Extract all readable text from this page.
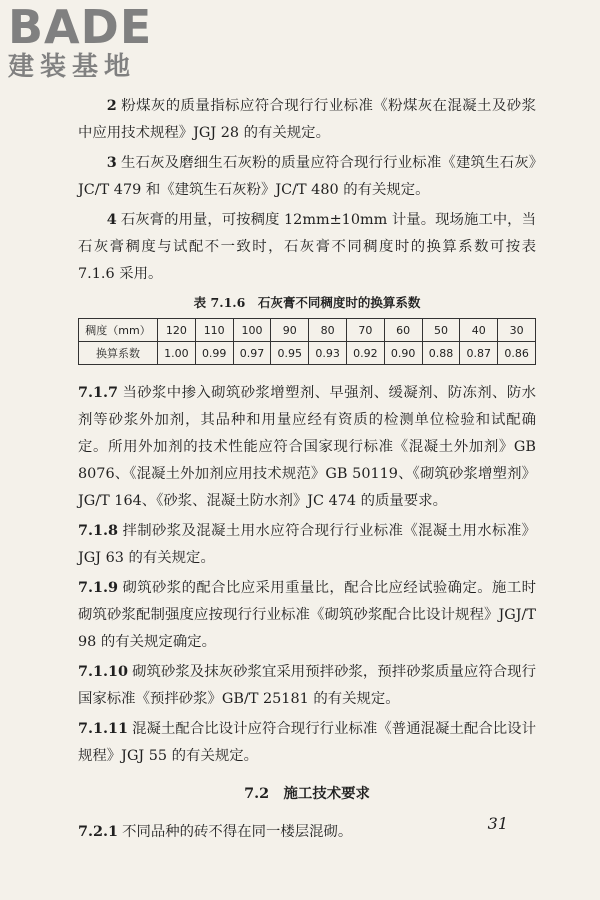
BADE
建装基地

2 粉煤灰的质量指标应符合现行行业标准《粉煤灰在混凝土及砂浆中应用技术规程》JGJ 28 的有关规定。

3 生石灰及磨细生石灰粉的质量应符合现行行业标准《建筑生石灰》JC/T 479 和《建筑生石灰粉》JC/T 480 的有关规定。

4 石灰膏的用量，可按稠度 12mm±10mm 计量。现场施工中，当石灰膏稠度与试配不一致时，石灰膏不同稠度时的换算系数可按表 7.1.6 采用。

表 7.1.6　石灰膏不同稠度时的换算系数
稠度（mm）	120	110	100	90	80	70	60	50	40	30
换算系数	1.00	0.99	0.97	0.95	0.93	0.92	0.90	0.88	0.87	0.86

7.1.7 当砂浆中掺入砌筑砂浆增塑剂、早强剂、缓凝剂、防冻剂、防水剂等砂浆外加剂，其品种和用量应经有资质的检测单位检验和试配确定。所用外加剂的技术性能应符合国家现行标准《混凝土外加剂》GB 8076、《混凝土外加剂应用技术规范》GB 50119、《砌筑砂浆增塑剂》JG/T 164、《砂浆、混凝土防水剂》JC 474 的质量要求。

7.1.8 拌制砂浆及混凝土用水应符合现行行业标准《混凝土用水标准》JGJ 63 的有关规定。

7.1.9 砌筑砂浆的配合比应采用重量比，配合比应经试验确定。施工时砌筑砂浆配制强度应按现行行业标准《砌筑砂浆配合比设计规程》JGJ/T 98 的有关规定确定。

7.1.10 砌筑砂浆及抹灰砂浆宜采用预拌砂浆，预拌砂浆质量应符合现行国家标准《预拌砂浆》GB/T 25181 的有关规定。

7.1.11 混凝土配合比设计应符合现行行业标准《普通混凝土配合比设计规程》JGJ 55 的有关规定。

7.2　施工技术要求

7.2.1 不同品种的砖不得在同一楼层混砌。	31
